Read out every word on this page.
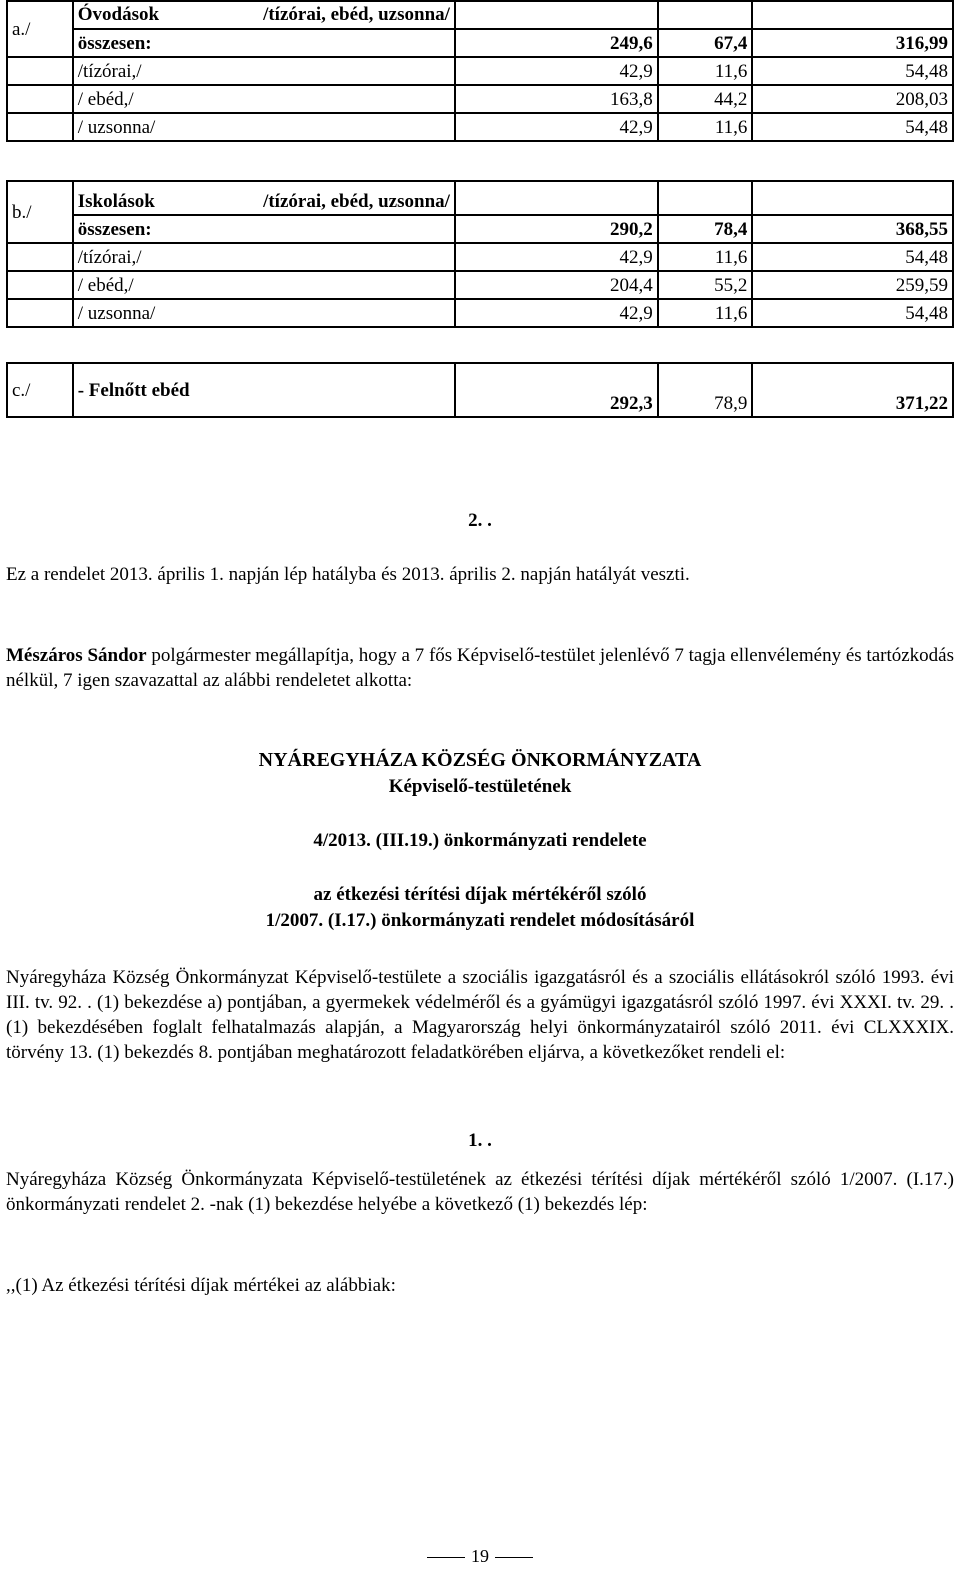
a./	Óvodások /tízórai, ebéd, uzsonna/			

	összesen:	249,6	67,4	316,99
	/tízórai,/	42,9	11,6	54,48
	/ ebéd,/	163,8	44,2	208,03
	/ uzsonna/	42,9	11,6	54,48
b./	Iskolások /tízórai, ebéd, uzsonna/			

	összesen:	290,2	78,4	368,55
	/tízórai,/	42,9	11,6	54,48
	/ ebéd,/	204,4	55,2	259,59
	/ uzsonna/	42,9	11,6	54,48
c./	- Felnőtt ebéd	292,3	78,9	371,22
2. .
Ez a rendelet 2013. április 1. napján lép hatályba és 2013. április 2. napján hatályát veszti.
Mészáros Sándor polgármester megállapítja, hogy a 7 fős Képviselő-testület jelenlévő 7 tagja ellenvélemény és tartózkodás nélkül, 7 igen szavazattal az alábbi rendeletet alkotta:
NYÁREGYHÁZA KÖZSÉG ÖNKORMÁNYZATA
Képviselő-testületének
4/2013. (III.19.) önkormányzati rendelete
az étkezési térítési díjak mértékéről szóló
1/2007. (I.17.) önkormányzati rendelet módosításáról
Nyáregyháza Község Önkormányzat Képviselő-testülete a szociális igazgatásról és a szociális ellátásokról szóló 1993. évi III. tv. 92. . (1) bekezdése a) pontjában, a gyermekek védelméről és a gyámügyi igazgatásról szóló 1997. évi XXXI. tv. 29. . (1) bekezdésében foglalt felhatalmazás alapján, a Magyarország helyi önkormányzatairól szóló 2011. évi CLXXXIX. törvény 13. (1) bekezdés 8. pontjában meghatározott feladatkörében eljárva, a következőket rendeli el:
1. .
Nyáregyháza Község Önkormányzata Képviselő-testületének az étkezési térítési díjak mértékéről szóló 1/2007. (I.17.) önkormányzati rendelet 2. -nak (1) bekezdése helyébe a következő (1) bekezdés lép:
,,(1) Az étkezési térítési díjak mértékei az alábbiak:
19
